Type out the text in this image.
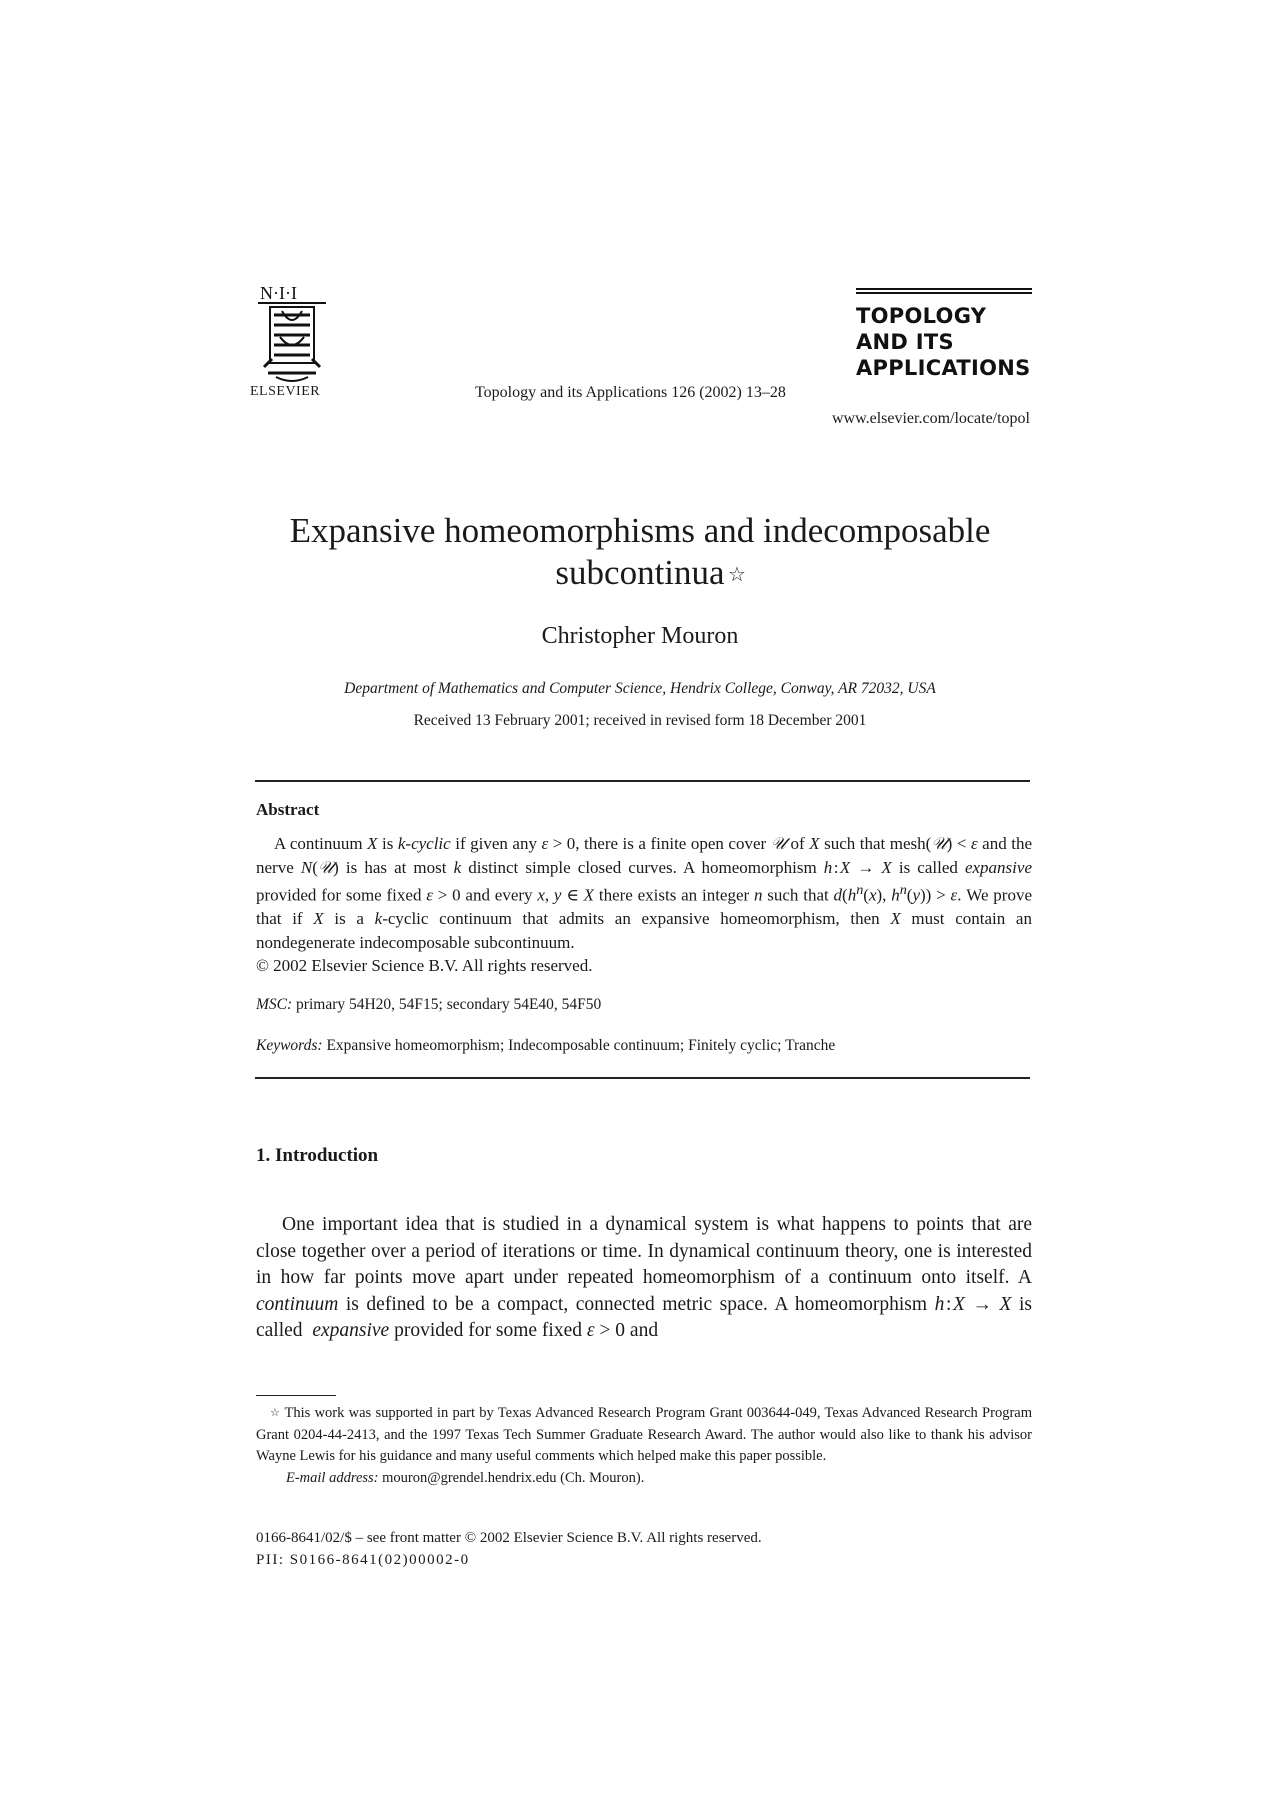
N·I·I
ELSEVIER	Topology and its Applications 126 (2002) 13–28
TOPOLOGY
AND ITS
APPLICATIONS
www.elsevier.com/locate/topol
Expansive homeomorphisms and indecomposable subcontinua ☆
Christopher Mouron
Department of Mathematics and Computer Science, Hendrix College, Conway, AR 72032, USA
Received 13 February 2001; received in revised form 18 December 2001
Abstract

A continuum X is k-cyclic if given any ε > 0, there is a finite open cover 𝒰 of X such that mesh(𝒰) < ε and the nerve N(𝒰) is has at most k distinct simple closed curves. A homeomorphism h : X → X is called expansive provided for some fixed ε > 0 and every x, y ∈ X there exists an integer n such that $d(h^n(x)$, $h^n(y)) > \varepsilon$. We prove that if X is a k-cyclic continuum that admits an expansive homeomorphism, then X must contain an nondegenerate indecomposable subcontinuum.

© 2002 Elsevier Science B.V. All rights reserved.

MSC: primary 54H20, 54F15; secondary 54E40, 54F50
Keywords: Expansive homeomorphism; Indecomposable continuum; Finitely cyclic; Tranche
1. Introduction

One important idea that is studied in a dynamical system is what happens to points that are close together over a period of iterations or time. In dynamical continuum theory, one is interested in how far points move apart under repeated homeomorphism of a continuum onto itself. A continuum is defined to be a compact, connected metric space. A homeomorphism h : X → X is called  expansive provided for some fixed ε > 0 and

☆ This work was supported in part by Texas Advanced Research Program Grant 003644-049, Texas Advanced Research Program Grant 0204-44-2413, and the 1997 Texas Tech Summer Graduate Research Award. The author would also like to thank his advisor Wayne Lewis for his guidance and many useful comments which helped make this paper possible.

E-mail address: mouron@grendel.hendrix.edu (Ch. Mouron).

0166-8641/02/$ – see front matter © 2002 Elsevier Science B.V. All rights reserved.
PII: S0166-8641(02)00002-0
